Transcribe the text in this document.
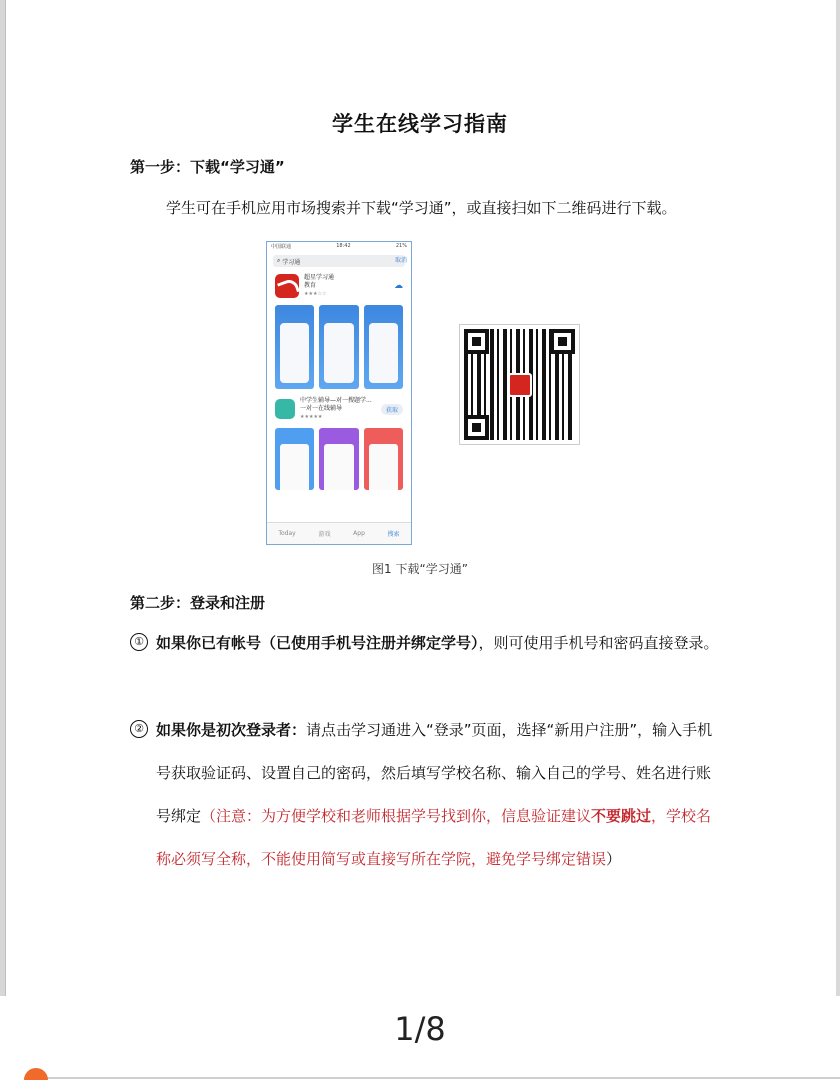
学生在线学习指南
第一步：下载“学习通”
学生可在手机应用市场搜索并下载“学习通”，或直接扫如下二维码进行下载。
中国联通	18:42	21%
⌕ 学习通	取消
超星学习通
教育
★★★☆☆
☁
中学生辅导—对一搜题学...
一对一在线辅导
★★★★★
获取
Today	游戏	App	搜索
图1 下载“学习通”
第二步：登录和注册
① 如果你已有帐号（已使用手机号注册并绑定学号），则可使用手机号和密码直接登录。
② 如果你是初次登录者：请点击学习通进入“登录”页面，选择“新用户注册”，输入手机号获取验证码、设置自己的密码，然后填写学校名称、输入自己的学号、姓名进行账号绑定（注意：为方便学校和老师根据学号找到你，信息验证建议不要跳过，学校名称必须写全称，不能使用简写或直接写所在学院，避免学号绑定错误）
1/8
